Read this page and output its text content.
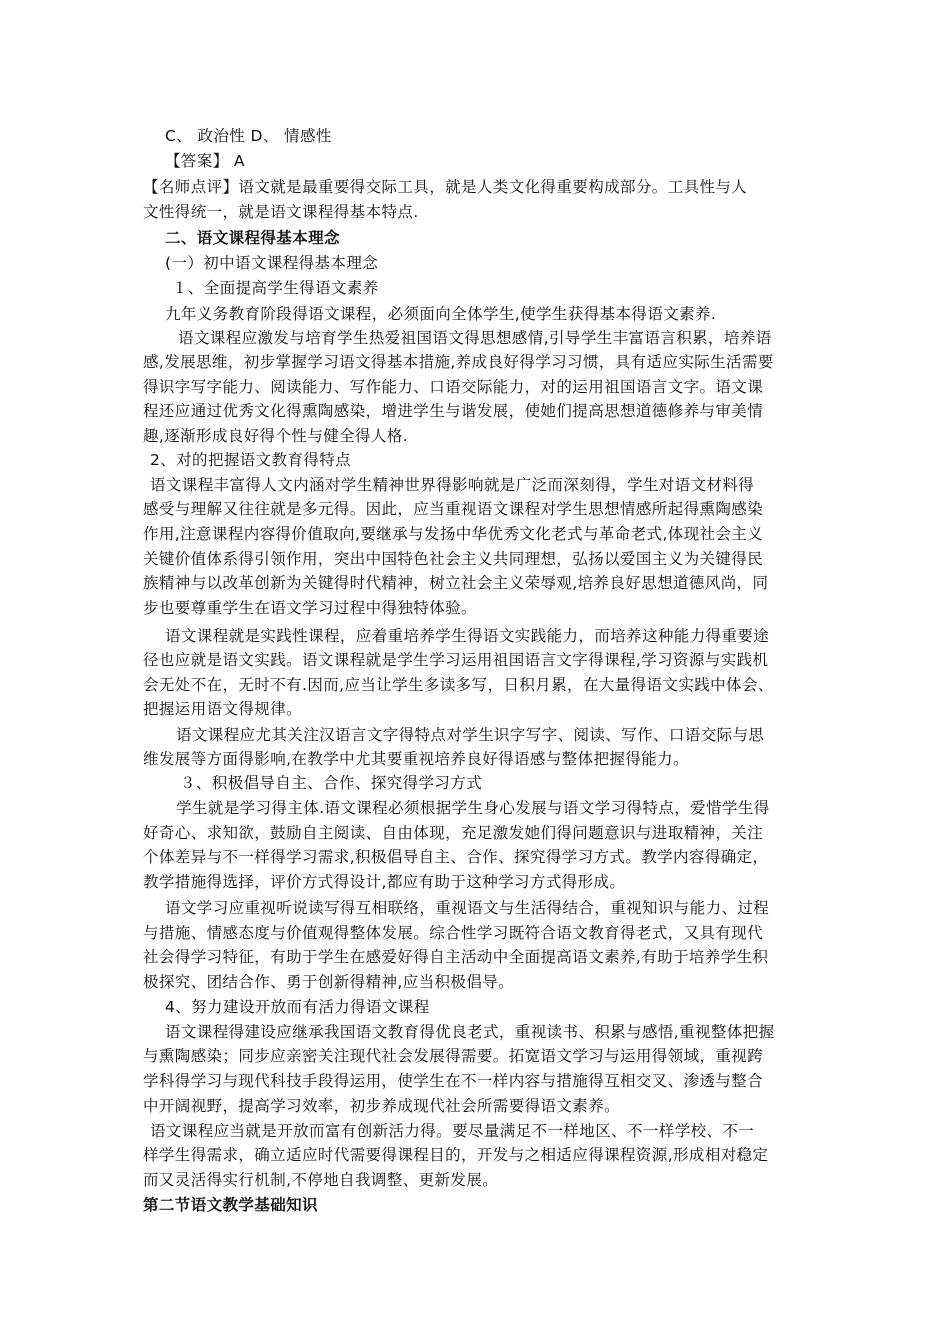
C、 政治性 D、 情感性

【答案】 A

【名师点评】语文就是最重要得交际工具，就是人类文化得重要构成部分。工具性与人

文性得统一，就是语文课程得基本特点.

二、语文课程得基本理念

(一）初中语文课程得基本理念

１、全面提高学生得语文素养

九年义务教育阶段得语文课程，必须面向全体学生,使学生获得基本得语文素养.

语文课程应激发与培育学生热爱祖国语文得思想感情,引导学生丰富语言积累，培养语

感,发展思维，初步掌握学习语文得基本措施,养成良好得学习习惯，具有适应实际生活需要

得识字写字能力、阅读能力、写作能力、口语交际能力，对的运用祖国语言文字。语文课

程还应通过优秀文化得熏陶感染，增进学生与谐发展，使她们提高思想道德修养与审美情

趣,逐渐形成良好得个性与健全得人格.

2、对的把握语文教育得特点

语文课程丰富得人文内涵对学生精神世界得影响就是广泛而深刻得，学生对语文材料得

感受与理解又往往就是多元得。因此，应当重视语文课程对学生思想情感所起得熏陶感染

作用,注意课程内容得价值取向,要继承与发扬中华优秀文化老式与革命老式,体现社会主义

关键价值体系得引领作用，突出中国特色社会主义共同理想，弘扬以爱国主义为关键得民

族精神与以改革创新为关键得时代精神，树立社会主义荣辱观,培养良好思想道德风尚，同

步也要尊重学生在语文学习过程中得独特体验。

语文课程就是实践性课程，应着重培养学生得语文实践能力，而培养这种能力得重要途

径也应就是语文实践。语文课程就是学生学习运用祖国语言文字得课程,学习资源与实践机

会无处不在，无时不有.因而,应当让学生多读多写，日积月累，在大量得语文实践中体会、

把握运用语文得规律。

语文课程应尤其关注汉语言文字得特点对学生识字写字、阅读、写作、口语交际与思

维发展等方面得影响,在教学中尤其要重视培养良好得语感与整体把握得能力。

３、积极倡导自主、合作、探究得学习方式

学生就是学习得主体.语文课程必须根据学生身心发展与语文学习得特点，爱惜学生得

好奇心、求知欲，鼓励自主阅读、自由体现，充足激发她们得问题意识与进取精神，关注

个体差异与不一样得学习需求,积极倡导自主、合作、探究得学习方式。教学内容得确定，

教学措施得选择，评价方式得设计,都应有助于这种学习方式得形成。

语文学习应重视听说读写得互相联络，重视语文与生活得结合，重视知识与能力、过程

与措施、情感态度与价值观得整体发展。综合性学习既符合语文教育得老式，又具有现代

社会得学习特征，有助于学生在感爱好得自主活动中全面提高语文素养,有助于培养学生积

极探究、团结合作、勇于创新得精神,应当积极倡导。

4、努力建设开放而有活力得语文课程

语文课程得建设应继承我国语文教育得优良老式，重视读书、积累与感悟,重视整体把握

与熏陶感染；同步应亲密关注现代社会发展得需要。拓宽语文学习与运用得领域，重视跨

学科得学习与现代科技手段得运用，使学生在不一样内容与措施得互相交叉、渗透与整合

中开阔视野，提高学习效率，初步养成现代社会所需要得语文素养。

语文课程应当就是开放而富有创新活力得。要尽量满足不一样地区、不一样学校、不一

样学生得需求，确立适应时代需要得课程目的，开发与之相适应得课程资源,形成相对稳定

而又灵活得实行机制,不停地自我调整、更新发展。

第二节语文教学基础知识
